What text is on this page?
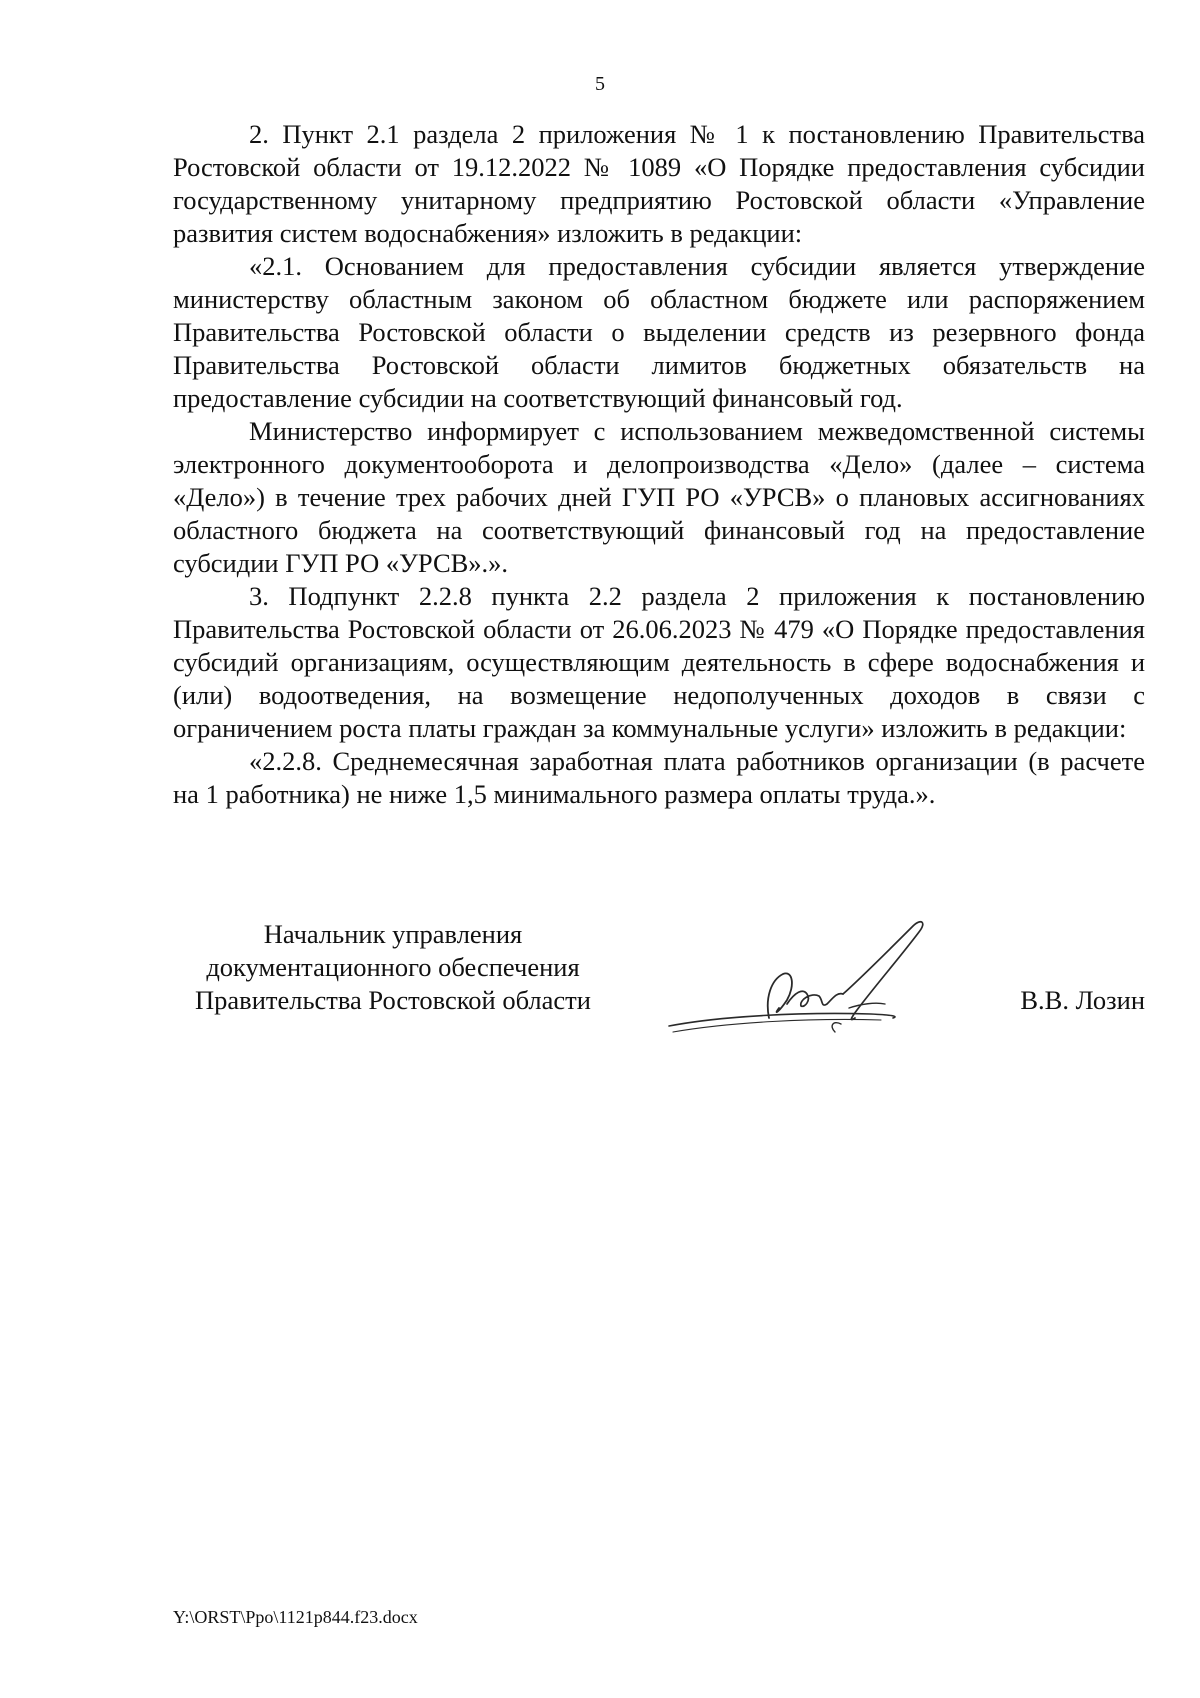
5

2. Пункт 2.1 раздела 2 приложения № 1 к постановлению Правительства Ростовской области от 19.12.2022 № 1089 «О Порядке предоставления субсидии государственному унитарному предприятию Ростовской области «Управление развития систем водоснабжения» изложить в редакции:

«2.1. Основанием для предоставления субсидии является утверждение министерству областным законом об областном бюджете или распоряжением Правительства Ростовской области о выделении средств из резервного фонда Правительства Ростовской области лимитов бюджетных обязательств на предоставление субсидии на соответствующий финансовый год.

Министерство информирует с использованием межведомственной системы электронного документооборота и делопроизводства «Дело» (далее – система «Дело») в течение трех рабочих дней ГУП РО «УРСВ» о плановых ассигнованиях областного бюджета на соответствующий финансовый год на предоставление субсидии ГУП РО «УРСВ».».

3. Подпункт 2.2.8 пункта 2.2 раздела 2 приложения к постановлению Правительства Ростовской области от 26.06.2023 № 479 «О Порядке предоставления субсидий организациям, осуществляющим деятельность в сфере водоснабжения и (или) водоотведения, на возмещение недополученных доходов в связи с ограничением роста платы граждан за коммунальные услуги» изложить в редакции:

«2.2.8. Среднемесячная заработная плата работников организации (в расчете на 1 работника) не ниже 1,5 минимального размера оплаты труда.».

Начальник управления
документационного обеспечения
Правительства Ростовской области	В.В. Лозин
Y:\ORST\Ppo\1121p844.f23.docx
